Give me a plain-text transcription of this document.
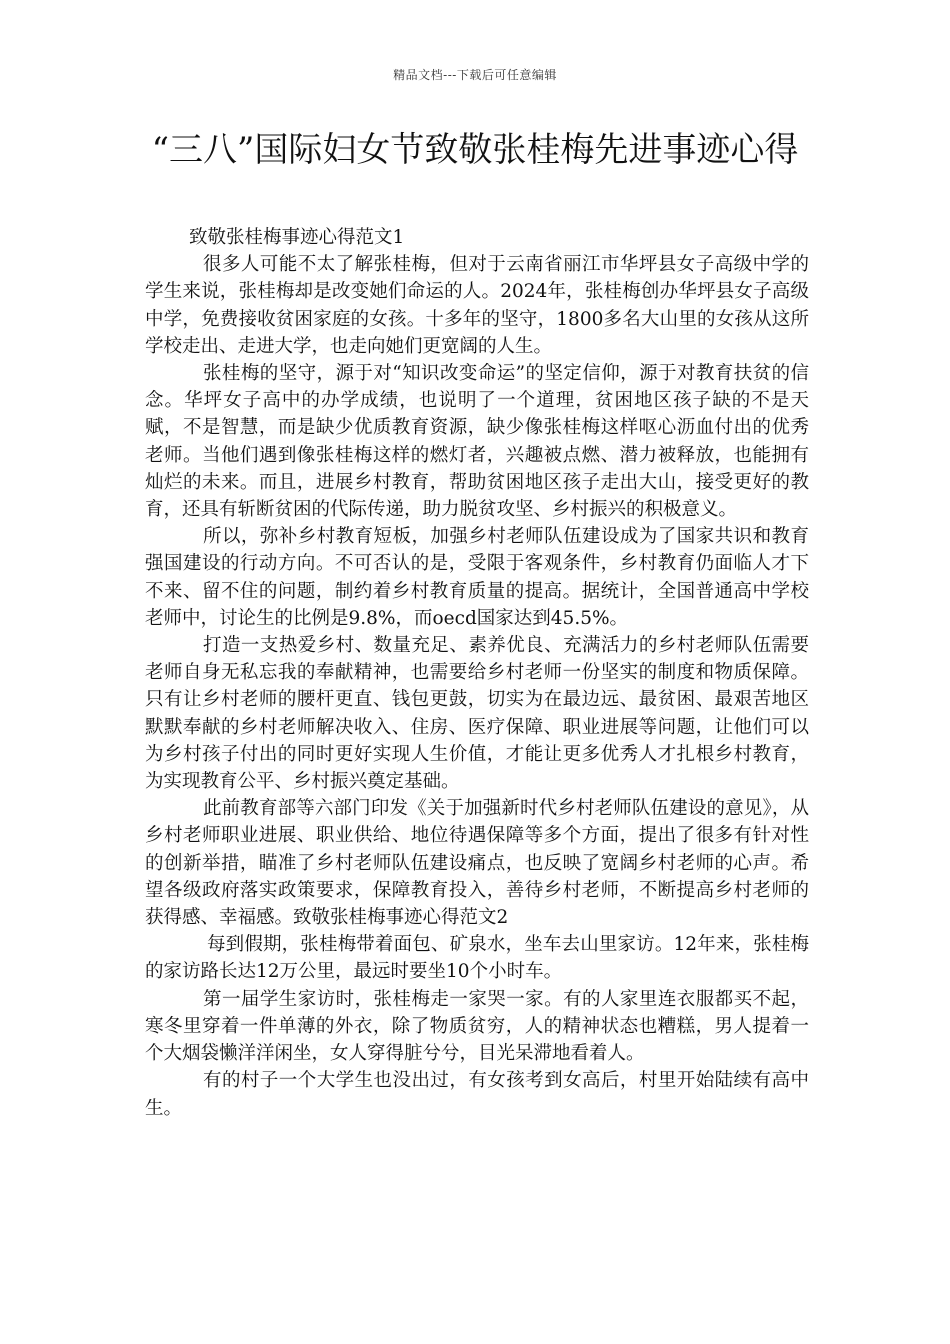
精品文档---下载后可任意编辑
“三八”国际妇女节致敬张桂梅先进事迹心得

致敬张桂梅事迹心得范文1

很多人可能不太了解张桂梅，但对于云南省丽江市华坪县女子高级中学的学生来说，张桂梅却是改变她们命运的人。2024年，张桂梅创办华坪县女子高级中学，免费接收贫困家庭的女孩。十多年的坚守，1800多名大山里的女孩从这所学校走出、走进大学，也走向她们更宽阔的人生。

张桂梅的坚守，源于对“知识改变命运”的坚定信仰，源于对教育扶贫的信念。华坪女子高中的办学成绩，也说明了一个道理，贫困地区孩子缺的不是天赋，不是智慧，而是缺少优质教育资源，缺少像张桂梅这样呕心沥血付出的优秀老师。当他们遇到像张桂梅这样的燃灯者，兴趣被点燃、潜力被释放，也能拥有灿烂的未来。而且，进展乡村教育，帮助贫困地区孩子走出大山，接受更好的教育，还具有斩断贫困的代际传递，助力脱贫攻坚、乡村振兴的积极意义。

所以，弥补乡村教育短板，加强乡村老师队伍建设成为了国家共识和教育强国建设的行动方向。不可否认的是，受限于客观条件，乡村教育仍面临人才下不来、留不住的问题，制约着乡村教育质量的提高。据统计，全国普通高中学校老师中，讨论生的比例是9.8%，而oecd国家达到45.5%。

打造一支热爱乡村、数量充足、素养优良、充满活力的乡村老师队伍需要老师自身无私忘我的奉献精神，也需要给乡村老师一份坚实的制度和物质保障。只有让乡村老师的腰杆更直、钱包更鼓，切实为在最边远、最贫困、最艰苦地区默默奉献的乡村老师解决收入、住房、医疗保障、职业进展等问题，让他们可以为乡村孩子付出的同时更好实现人生价值，才能让更多优秀人才扎根乡村教育，为实现教育公平、乡村振兴奠定基础。

此前教育部等六部门印发《关于加强新时代乡村老师队伍建设的意见》，从乡村老师职业进展、职业供给、地位待遇保障等多个方面，提出了很多有针对性的创新举措，瞄准了乡村老师队伍建设痛点，也反映了宽阔乡村老师的心声。希望各级政府落实政策要求，保障教育投入，善待乡村老师，不断提高乡村老师的获得感、幸福感。致敬张桂梅事迹心得范文2

每到假期，张桂梅带着面包、矿泉水，坐车去山里家访。12年来，张桂梅的家访路长达12万公里，最远时要坐10个小时车。

第一届学生家访时，张桂梅走一家哭一家。有的人家里连衣服都买不起，寒冬里穿着一件单薄的外衣，除了物质贫穷，人的精神状态也糟糕，男人提着一个大烟袋懒洋洋闲坐，女人穿得脏兮兮，目光呆滞地看着人。

有的村子一个大学生也没出过，有女孩考到女高后，村里开始陆续有高中生。
